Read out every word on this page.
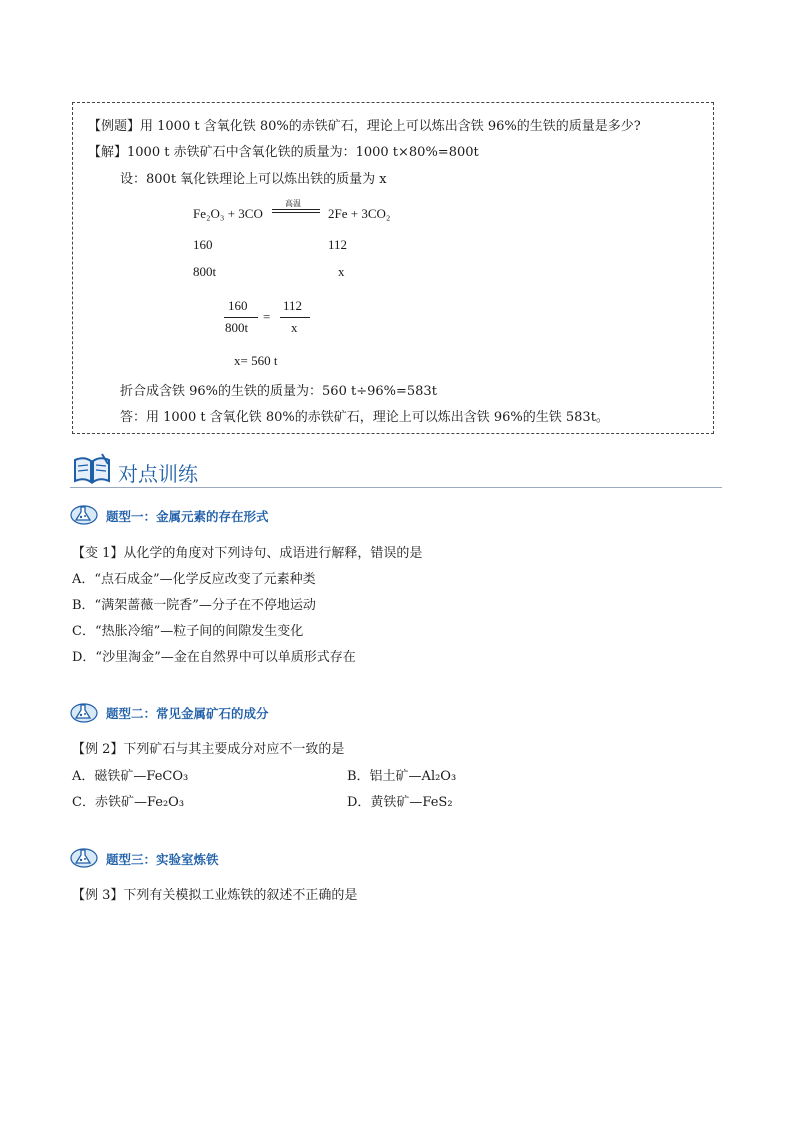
【例题】用 1000 t 含氧化铁 80%的赤铁矿石，理论上可以炼出含铁 96%的生铁的质量是多少?
【解】1000 t 赤铁矿石中含氧化铁的质量为：1000 t×80%=800t
设：800t 氧化铁理论上可以炼出铁的质量为 x
Fe₂O₃ + 3CO
高温
2Fe + 3CO₂
160	112
800t	x
160
800t
=
112
x
x= 560 t
折合成含铁 96%的生铁的质量为：560 t÷96%=583t
答：用 1000 t 含氧化铁 80%的赤铁矿石，理论上可以炼出含铁 96%的生铁 583t。
对点训练
题型一：金属元素的存在形式
【变 1】从化学的角度对下列诗句、成语进行解释，错误的是
A．“点石成金”—化学反应改变了元素种类
B．“满架蔷薇一院香”—分子在不停地运动
C．“热胀冷缩”—粒子间的间隙发生变化
D．“沙里淘金”—金在自然界中可以单质形式存在
题型二：常见金属矿石的成分
【例 2】下列矿石与其主要成分对应不一致的是
A．磁铁矿—FeCO₃	B．铝土矿—Al₂O₃
C．赤铁矿—Fe₂O₃	D．黄铁矿—FeS₂
题型三：实验室炼铁
【例 3】下列有关模拟工业炼铁的叙述不正确的是
